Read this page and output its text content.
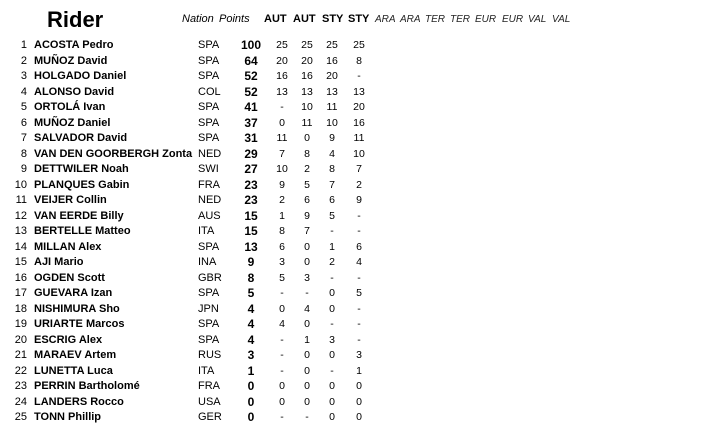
Rider	Nation Points AUT AUT STY STY ARA ARA TER TER EUR EUR VAL VAL
1 ACOSTA Pedro	SPA	100	25	25	25	25
2 MUÑOZ David	SPA	64	20	20	16	8
3 HOLGADO Daniel	SPA	52	16	16	20	-
4 ALONSO David	COL	52	13	13	13	13
5 ORTOLÁ Ivan	SPA	41	-	10	11	20
6 MUÑOZ Daniel	SPA	37	0	11	10	16
7 SALVADOR David	SPA	31	11	0	9	11
8 VAN DEN GOORBERGH Zonta NED	29	7	8	4	10
9 DETTWILER Noah	SWI	27	10	2	8	7
10 PLANQUES Gabin	FRA	23	9	5	7	2
11 VEIJER Collin	NED	23	2	6	6	9
12 VAN EERDE Billy	AUS	15	1	9	5	-
13 BERTELLE Matteo	ITA	15	8	7	-	-
14 MILLAN Alex	SPA	13	6	0	1	6
15 AJI Mario	INA	9	3	0	2	4
16 OGDEN Scott	GBR	8	5	3	-	-
17 GUEVARA Izan	SPA	5	-	-	0	5
18 NISHIMURA Sho	JPN	4	0	4	0	-
19 URIARTE Marcos	SPA	4	4	0	-	-
20 ESCRIG Alex	SPA	4	-	1	3	-
21 MARAEV Artem	RUS	3	-	0	0	3
22 LUNETTA Luca	ITA	1	-	0	-	1
23 PERRIN Bartholomé	FRA	0	0	0	0	0
24 LANDERS Rocco	USA	0	0	0	0	0
25 TONN Phillip	GER	0	-	-	0	0
